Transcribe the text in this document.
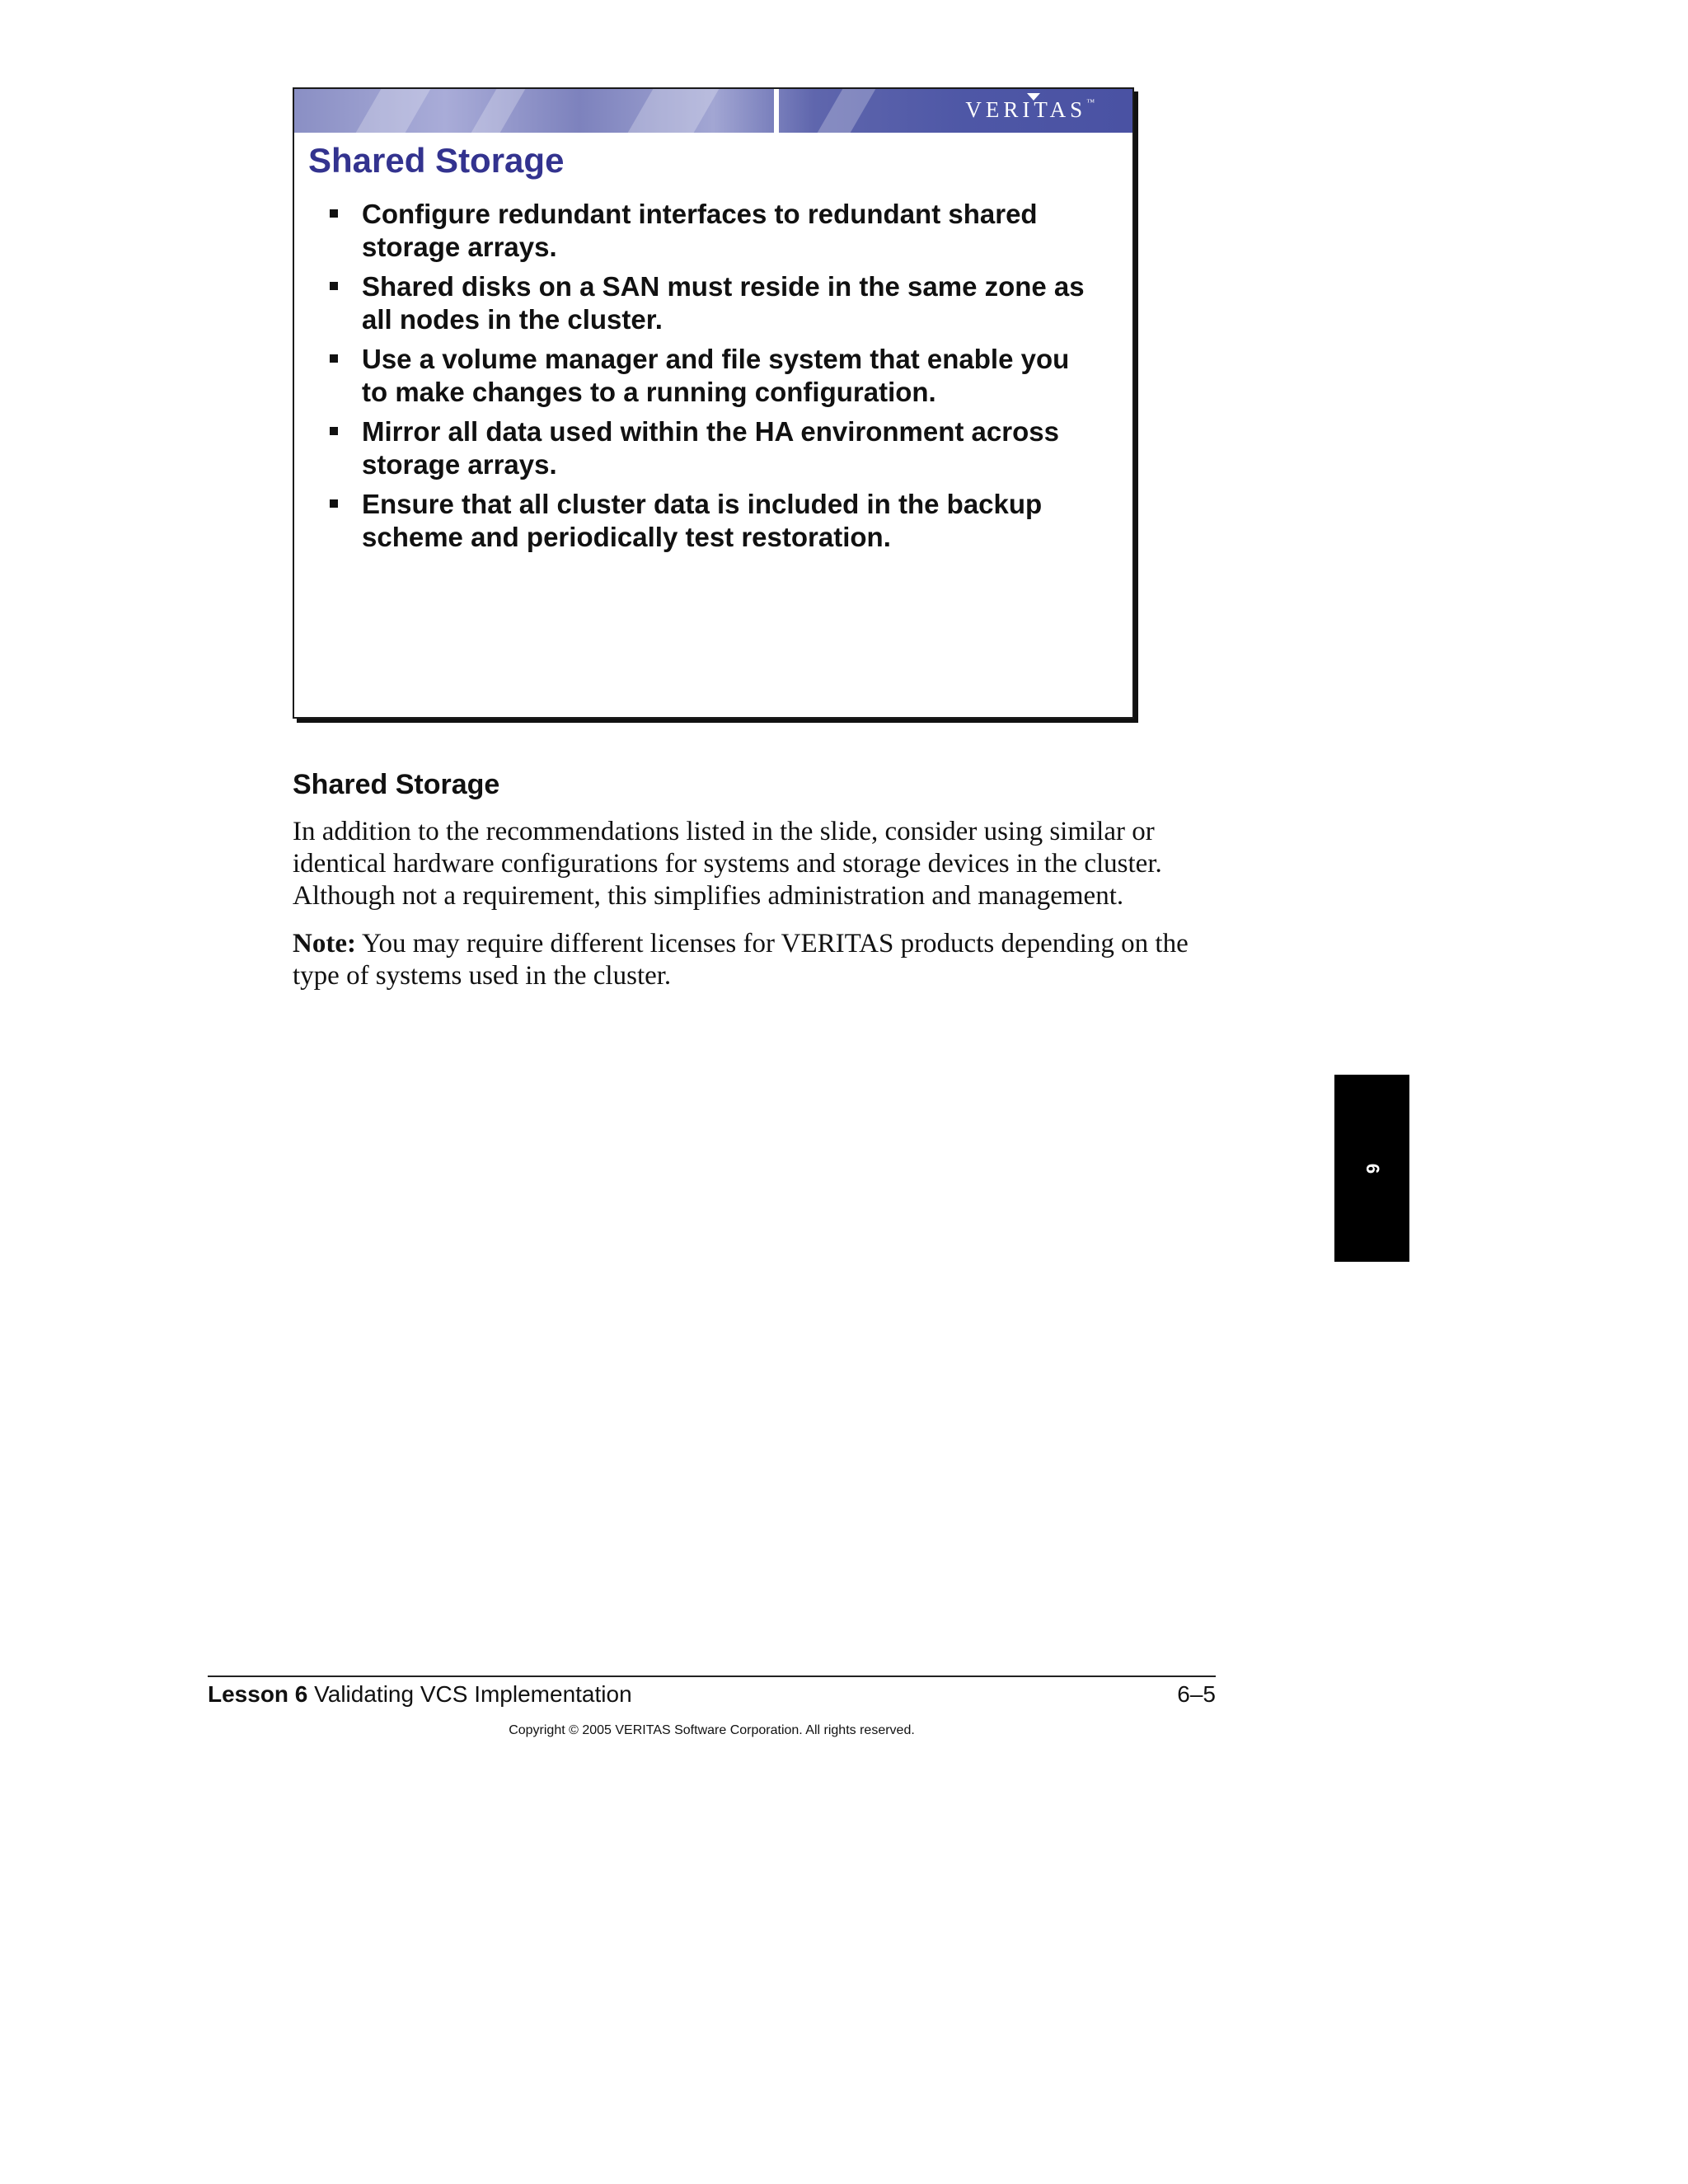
VERITAS™
Shared Storage
Configure redundant interfaces to redundant shared storage arrays.
Shared disks on a SAN must reside in the same zone as all nodes in the cluster.
Use a volume manager and file system that enable you to make changes to a running configuration.
Mirror all data used within the HA environment across storage arrays.
Ensure that all cluster data is included in the backup scheme and periodically test restoration.
Shared Storage

In addition to the recommendations listed in the slide, consider using similar or identical hardware configurations for systems and storage devices in the cluster. Although not a requirement, this simplifies administration and management.

Note: You may require different licenses for VERITAS products depending on the type of systems used in the cluster.

6
Lesson 6 Validating VCS Implementation	6–5
Copyright © 2005 VERITAS Software Corporation. All rights reserved.
